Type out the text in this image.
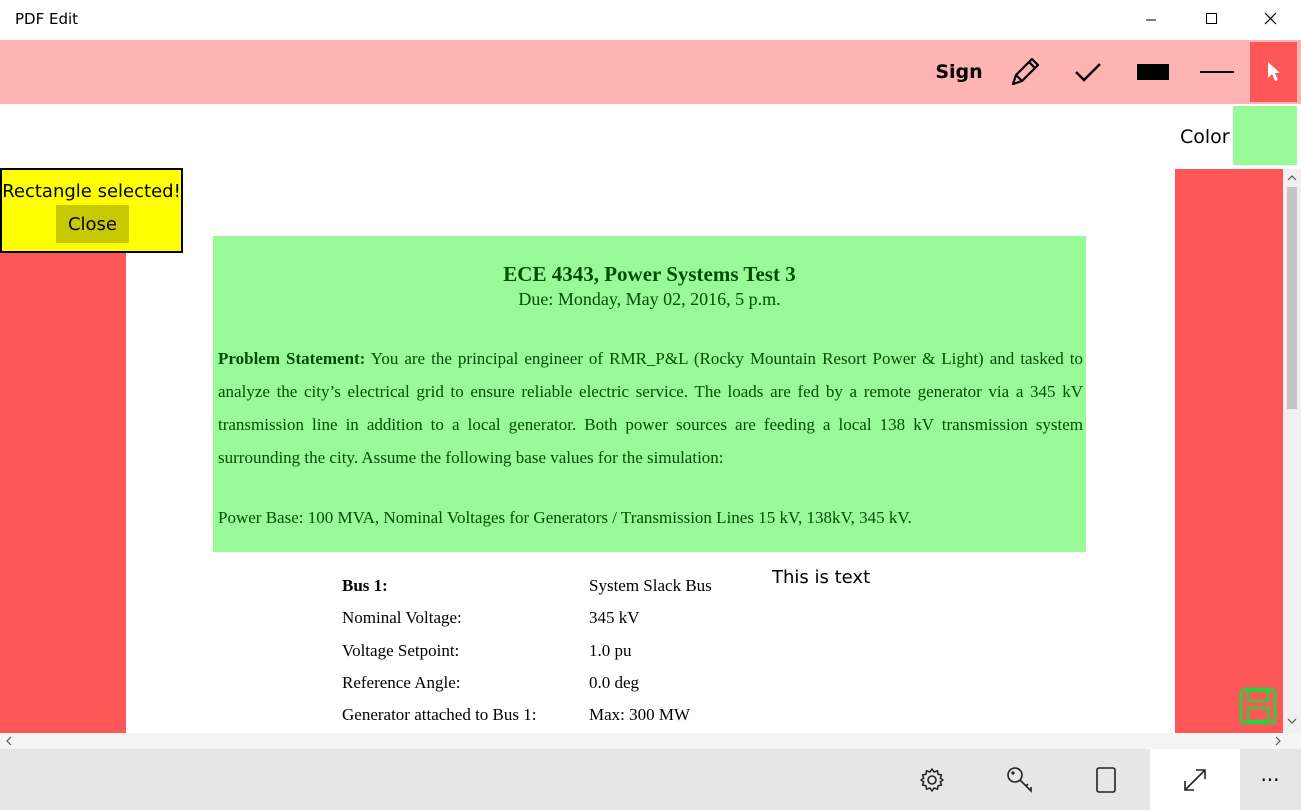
PDF Edit
Sign
Color
Rectangle selected!
Close
ECE 4343, Power Systems Test 3
Due: Monday, May 02, 2016, 5 p.m.
Problem Statement: You are the principal engineer of RMR_P&L (Rocky Mountain Resort Power & Light) and tasked to analyze the city’s electrical grid to ensure reliable electric service. The loads are fed by a remote generator via a 345 kV transmission line in addition to a local generator. Both power sources are feeding a local 138 kV transmission system surrounding the city. Assume the following base values for the simulation:
Power Base: 100 MVA, Nominal Voltages for Generators / Transmission Lines 15 kV, 138kV, 345 kV.
Bus 1:	System Slack Bus
Nominal Voltage:	345 kV
Voltage Setpoint:	1.0 pu
Reference Angle:	0.0 deg
Generator attached to Bus 1:	Max: 300 MW
This is text
···
